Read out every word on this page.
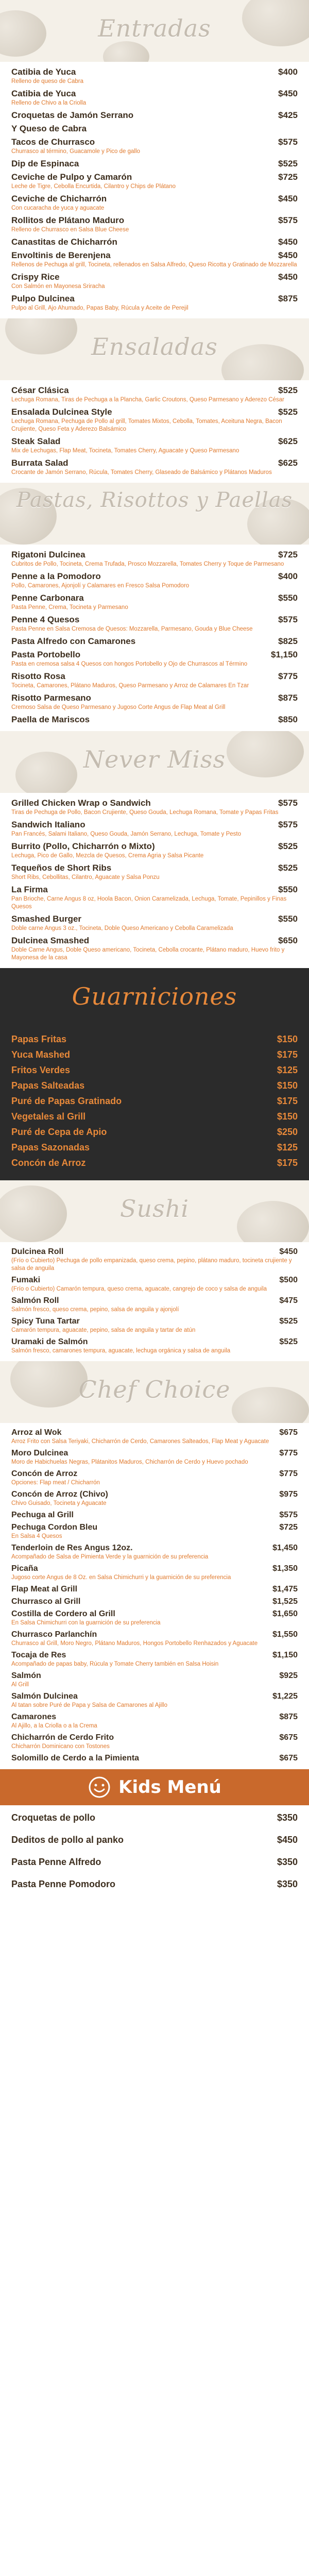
Entradas
Catibia de Yuca	$400
Relleno de queso de Cabra
Catibia de Yuca	$450
Relleno de Chivo a la Criolla
Croquetas de Jamón Serrano	$425
Y Queso de Cabra
Tacos de Churrasco	$575
Churrasco al término, Guacamole y Pico de gallo
Dip de Espinaca	$525
Ceviche de Pulpo y Camarón	$725
Leche de Tigre, Cebolla Encurtida, Cilantro y Chips de Plátano
Ceviche de Chicharrón	$450
Con cucaracha de yuca y aguacate
Rollitos de Plátano Maduro	$575
Relleno de Churrasco en Salsa Blue Cheese
Canastitas de Chicharrón	$450
Envoltinis de Berenjena	$450
Rellenos de Pechuga al grill, Tocineta, rellenados en Salsa Alfredo, Queso Ricotta y Gratinado de Mozzarella
Crispy Rice	$450
Con Salmón en Mayonesa Sriracha
Pulpo Dulcinea	$875
Pulpo al Grill, Ajo Ahumado, Papas Baby, Rúcula y Aceite de Perejil
Ensaladas
César Clásica	$525
Lechuga Romana, Tiras de Pechuga a la Plancha, Garlic Croutons, Queso Parmesano y Aderezo César
Ensalada Dulcinea Style	$525
Lechuga Romana, Pechuga de Pollo al grill, Tomates Mixtos, Cebolla, Tomates, Aceituna Negra, Bacon Crujiente, Queso Feta y Aderezo Balsámico
Steak Salad	$625
Mix de Lechugas, Flap Meat, Tocineta, Tomates Cherry, Aguacate y Queso Parmesano
Burrata Salad	$625
Crocante de Jamón Serrano, Rúcula, Tomates Cherry, Glaseado de Balsámico y Plátanos Maduros
Pastas, Risottos y Paellas
Rigatoni Dulcinea	$725
Cubritos de Pollo, Tocineta, Crema Trufada, Prosco Mozzarella, Tomates Cherry y Toque de Parmesano
Penne a la Pomodoro	$400
Pollo, Camarones, Ajonjolí y Calamares en Fresco Salsa Pomodoro
Penne Carbonara	$550
Pasta Penne, Crema, Tocineta y Parmesano
Penne 4 Quesos	$575
Pasta Penne en Salsa Cremosa de Quesos: Mozzarella, Parmesano, Gouda y Blue Cheese
Pasta Alfredo con Camarones	$825
Pasta Portobello	$1,150
Pasta en cremosa salsa 4 Quesos con hongos Portobello y Ojo de Churrascos al Término
Risotto Rosa	$775
Tocineta, Camarones, Plátano Maduros, Queso Parmesano y Arroz de Calamares En Tzar
Risotto Parmesano	$875
Cremoso Salsa de Queso Parmesano y Jugoso Corte Angus de Flap Meat al Grill
Paella de Mariscos	$850
Never Miss
Grilled Chicken Wrap o Sandwich	$575
Tiras de Pechuga de Pollo, Bacon Crujiente, Queso Gouda, Lechuga Romana, Tomate y Papas Fritas
Sandwich Italiano	$575
Pan Francés, Salami Italiano, Queso Gouda, Jamón Serrano, Lechuga, Tomate y Pesto
Burrito (Pollo, Chicharrón o Mixto)	$525
Lechuga, Pico de Gallo, Mezcla de Quesos, Crema Agria y Salsa Picante
Tequeños de Short Ribs	$525
Short Ribs, Cebollitas, Cilantro, Aguacate y Salsa Ponzu
La Firma	$550
Pan Brioche, Carne Angus 8 oz, Hoola Bacon, Onion Caramelizada, Lechuga, Tomate, Pepinillos y Finas Quesos
Smashed Burger	$550
Doble carne Angus 3 oz., Tocineta, Doble Queso Americano y Cebolla Caramelizada
Dulcinea Smashed	$650
Doble Carne Angus, Doble Queso americano, Tocineta, Cebolla crocante, Plátano maduro, Huevo frito y Mayonesa de la casa
Guarniciones
Papas Fritas	$150
Yuca Mashed	$175
Fritos Verdes	$125
Papas Salteadas	$150
Puré de Papas Gratinado	$175
Vegetales al Grill	$150
Puré de Cepa de Apio	$250
Papas Sazonadas	$125
Concón de Arroz	$175
Sushi
Dulcinea Roll	$450
(Frío o Cubierto) Pechuga de pollo empanizada, queso crema, pepino, plátano maduro, tocineta crujiente y salsa de anguila
Fumaki	$500
(Frío o Cubierto) Camarón tempura, queso crema, aguacate, cangrejo de coco y salsa de anguila
Salmón Roll	$475
Salmón fresco, queso crema, pepino, salsa de anguila y ajonjolí
Spicy Tuna Tartar	$525
Camarón tempura, aguacate, pepino, salsa de anguila y tartar de atún
Uramaki de Salmón	$525
Salmón fresco, camarones tempura, aguacate, lechuga orgánica y salsa de anguila
Chef Choice
Arroz al Wok	$675
Arroz Frito con Salsa Teriyaki, Chicharrón de Cerdo, Camarones Salteados, Flap Meat y Aguacate
Moro Dulcinea	$775
Moro de Habichuelas Negras, Plátanitos Maduros, Chicharrón de Cerdo y Huevo pochado
Concón de Arroz	$775
Opciones: Flap meat / Chicharrón
Concón de Arroz (Chivo)	$975
Chivo Guisado, Tocineta y Aguacate
Pechuga al Grill	$575
Pechuga Cordon Bleu	$725
En Salsa 4 Quesos
Tenderloin de Res Angus 12oz.	$1,450
Acompañado de Salsa de Pimienta Verde y la guarnición de su preferencia
Picaña	$1,350
Jugoso corte Angus de 8 Oz. en Salsa Chimichurri y la guarnición de su preferencia
Flap Meat al Grill	$1,475
Churrasco al Grill	$1,525
Costilla de Cordero al Grill	$1,650
En Salsa Chimichurri con la guarnición de su preferencia
Churrasco Parlanchín	$1,550
Churrasco al Grill, Moro Negro, Plátano Maduros, Hongos Portobello Renhazados y Aguacate
Tocaja de Res	$1,150
Acompañado de papas baby, Rúcula y Tomate Cherry también en Salsa Hoisin
Salmón	$925
Al Grill
Salmón Dulcinea	$1,225
Al tatan sobre Puré de Papa y Salsa de Camarones al Ajillo
Camarones	$875
Al Ajillo, a la Criolla o a la Crema
Chicharrón de Cerdo Frito	$675
Chicharrón Dominicano con Tostones
Solomillo de Cerdo a la Pimienta	$675
Kids Menú
Croquetas de pollo	$350
Deditos de pollo al panko	$450
Pasta Penne Alfredo	$350
Pasta Penne Pomodoro	$350
